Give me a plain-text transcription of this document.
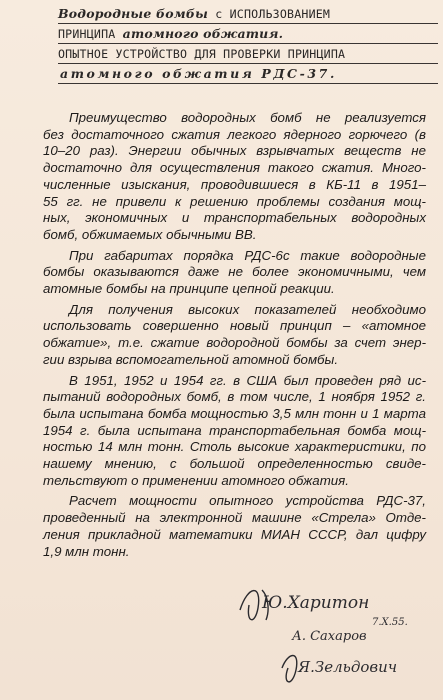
Водородные бомбы с ИСПОЛЬЗОВАНИЕМ
ПРИНЦИПА атомного обжатия.
ОПЫТНОЕ УСТРОЙСТВО ДЛЯ ПРОВЕРКИ ПРИНЦИПА
атомного обжатия РДС-37.
Преимущество водородных бомб не реализуется
без достаточного сжатия легкого ядерного горючего (в
10–20 раз). Энергии обычных взрывчатых веществ не
достаточно для осуществления такого сжатия. Много-
численные изыскания, проводившиеся в КБ-11 в 1951–
55 гг. не привели к решению проблемы создания мощ-
ных, экономичных и транспортабельных водородных
бомб, обжимаемых обычными ВВ.
При габаритах порядка РДС-6с такие водородные
бомбы оказываются даже не более экономичными, чем
атомные бомбы на принципе цепной реакции.
Для получения высоких показателей необходимо
использовать совершенно новый принцип – «атомное
обжатие», т.е. сжатие водородной бомбы за счет энер-
гии взрыва вспомогательной атомной бомбы.
В 1951, 1952 и 1954 гг. в США был проведен ряд ис-
пытаний водородных бомб, в том числе, 1 ноября 1952 г.
была испытана бомба мощностью 3,5 млн тонн и 1 марта
1954 г. была испытана транспортабельная бомба мощ-
ностью 14 млн тонн. Столь высокие характеристики, по
нашему мнению, с большой определенностью свиде-
тельствуют о применении атомного обжатия.
Расчет мощности опытного устройства РДС-37,
проведенный на электронной машине «Стрела» Отде-
ления прикладной математики МИАН СССР, дал цифру
1,9 млн тонн.
Ю.Харитон
7.X.55.
А. Сахаров
Я.Зельдович
